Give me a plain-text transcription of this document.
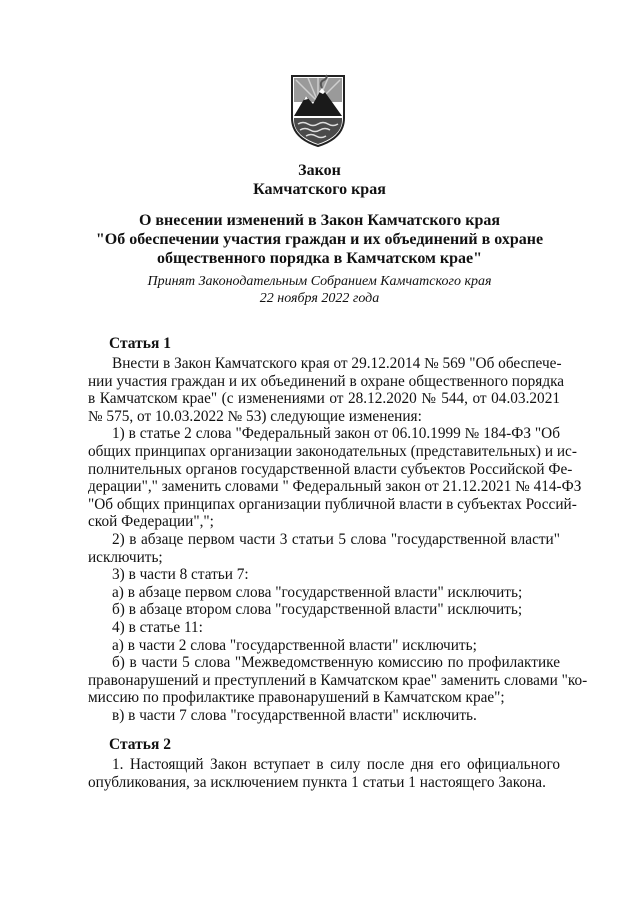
Закон
Камчатского края
О внесении изменений в Закон Камчатского края
"Об обеспечении участия граждан и их объединений в охране
общественного порядка в Камчатском крае"
Принят Законодательным Собранием Камчатского края
22 ноября 2022 года
Статья 1
Внести в Закон Камчатского края от 29.12.2014 № 569 "Об обеспече-
нии участия граждан и их объединений в охране общественного порядка
в Камчатском крае" (с изменениями от 28.12.2020 № 544, от 04.03.2021
№ 575, от 10.03.2022 № 53) следующие изменения:
1) в статье 2 слова "Федеральный закон от 06.10.1999 № 184-ФЗ "Об
общих принципах организации законодательных (представительных) и ис-
полнительных органов государственной власти субъектов Российской Фе-
дерации"," заменить словами " Федеральный закон от 21.12.2021 № 414-ФЗ
"Об общих принципах организации публичной власти в субъектах Россий-
ской Федерации",";
2) в абзаце первом части 3 статьи 5 слова "государственной власти"
исключить;
3) в части 8 статьи 7:
а) в абзаце первом слова "государственной власти" исключить;
б) в абзаце втором слова "государственной власти" исключить;
4) в статье 11:
а) в части 2 слова "государственной власти" исключить;
б) в части 5 слова "Межведомственную комиссию по профилактике
правонарушений и преступлений в Камчатском крае" заменить словами "ко-
миссию по профилактике правонарушений в Камчатском крае";
в) в части 7 слова "государственной власти" исключить.
Статья 2
1. Настоящий Закон вступает в силу после дня его официального
опубликования, за исключением пункта 1 статьи 1 настоящего Закона.
